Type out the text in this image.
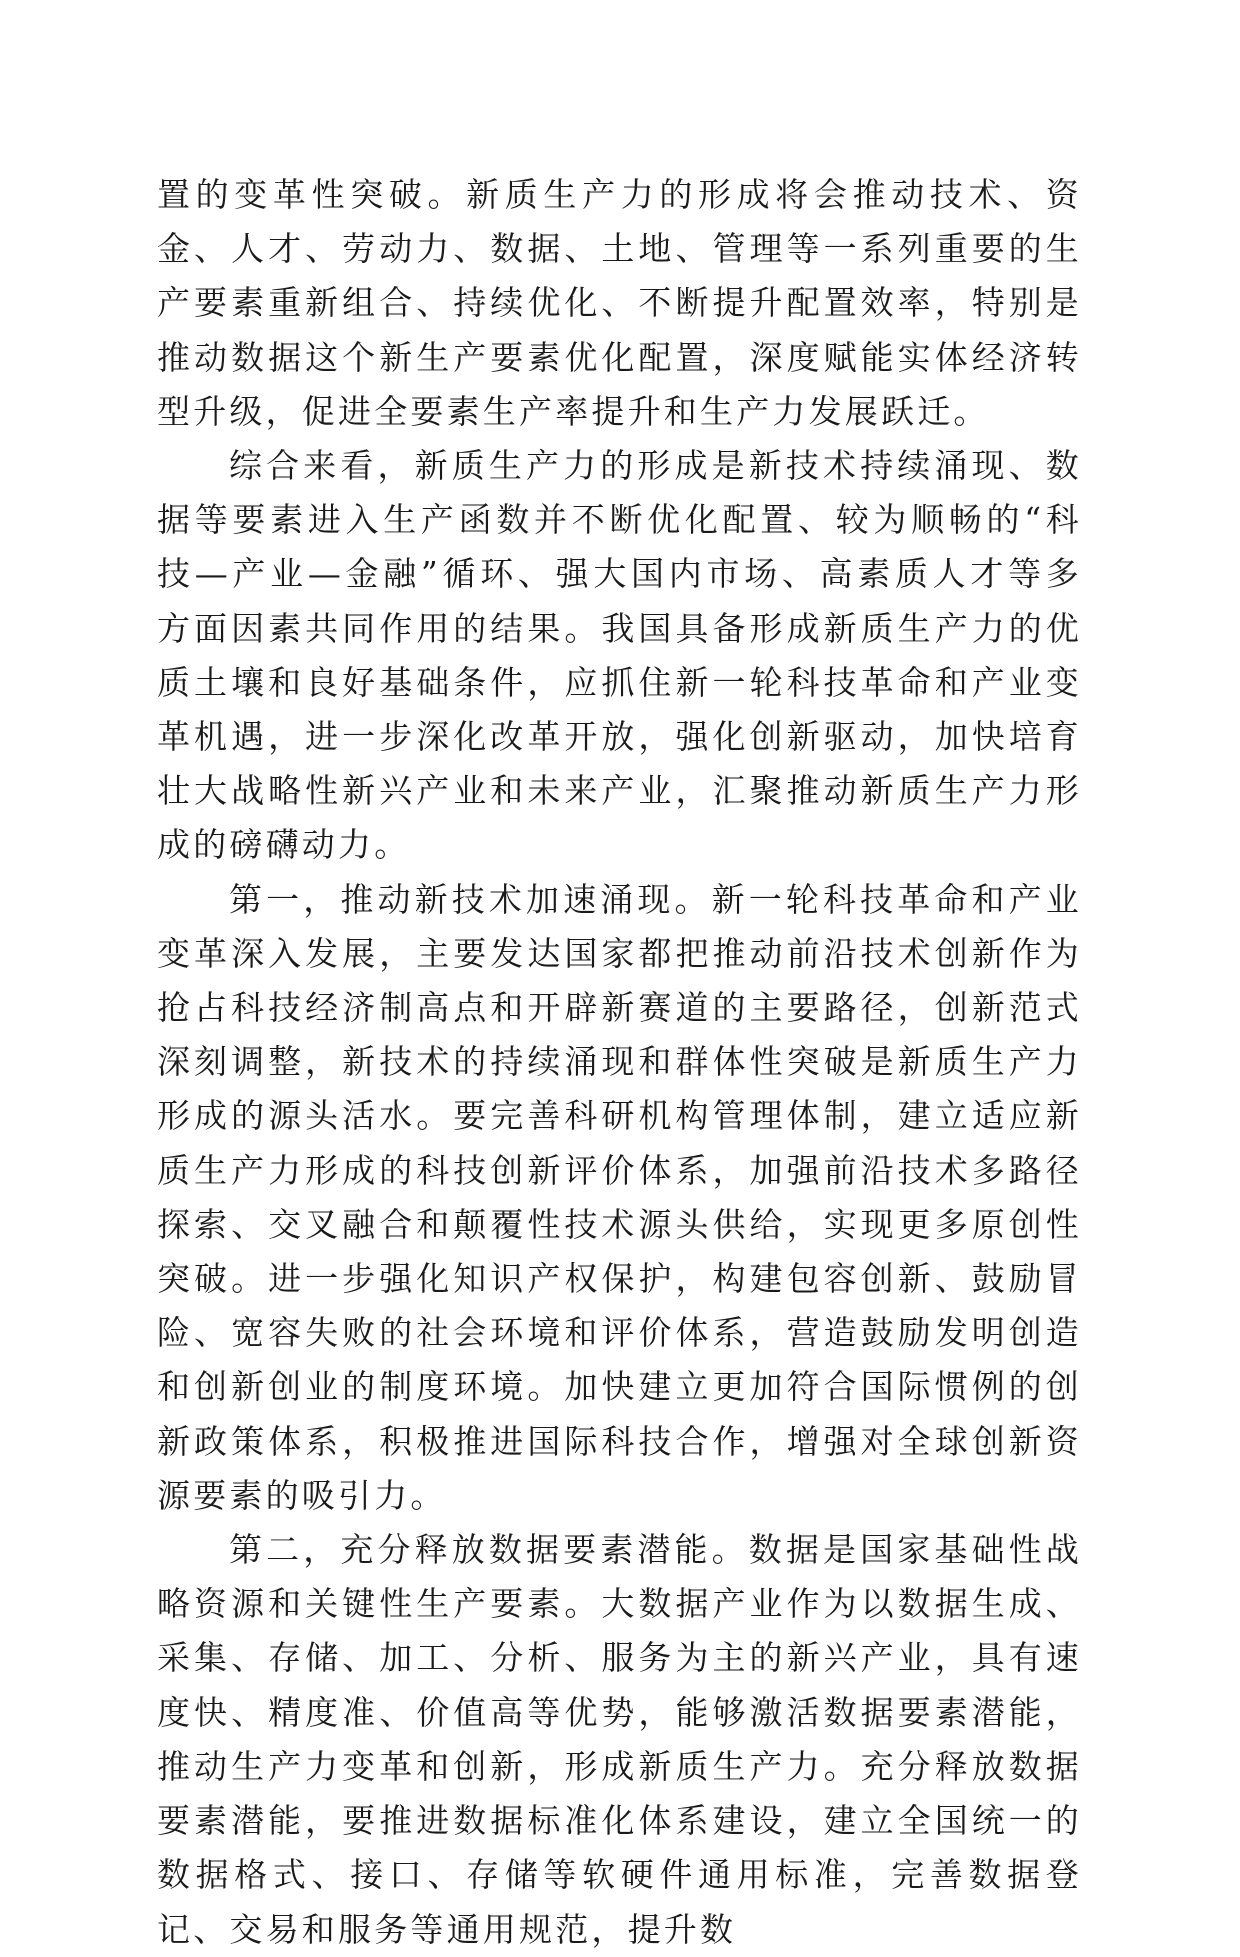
置的变革性突破。新质生产力的形成将会推动技术、资金、人才、劳动力、数据、土地、管理等一系列重要的生产要素重新组合、持续优化、不断提升配置效率，特别是推动数据这个新生产要素优化配置，深度赋能实体经济转型升级，促进全要素生产率提升和生产力发展跃迁。

综合来看，新质生产力的形成是新技术持续涌现、数据等要素进入生产函数并不断优化配置、较为顺畅的“科技—产业—金融”循环、强大国内市场、高素质人才等多方面因素共同作用的结果。我国具备形成新质生产力的优质土壤和良好基础条件，应抓住新一轮科技革命和产业变革机遇，进一步深化改革开放，强化创新驱动，加快培育壮大战略性新兴产业和未来产业，汇聚推动新质生产力形成的磅礴动力。

第一，推动新技术加速涌现。新一轮科技革命和产业变革深入发展，主要发达国家都把推动前沿技术创新作为抢占科技经济制高点和开辟新赛道的主要路径，创新范式深刻调整，新技术的持续涌现和群体性突破是新质生产力形成的源头活水。要完善科研机构管理体制，建立适应新质生产力形成的科技创新评价体系，加强前沿技术多路径探索、交叉融合和颠覆性技术源头供给，实现更多原创性突破。进一步强化知识产权保护，构建包容创新、鼓励冒险、宽容失败的社会环境和评价体系，营造鼓励发明创造和创新创业的制度环境。加快建立更加符合国际惯例的创新政策体系，积极推进国际科技合作，增强对全球创新资源要素的吸引力。

第二，充分释放数据要素潜能。数据是国家基础性战略资源和关键性生产要素。大数据产业作为以数据生成、采集、存储、加工、分析、服务为主的新兴产业，具有速度快、精度准、价值高等优势，能够激活数据要素潜能，推动生产力变革和创新，形成新质生产力。充分释放数据要素潜能，要推进数据标准化体系建设，建立全国统一的数据格式、接口、存储等软硬件通用标准，完善数据登记、交易和服务等通用规范，提升数
